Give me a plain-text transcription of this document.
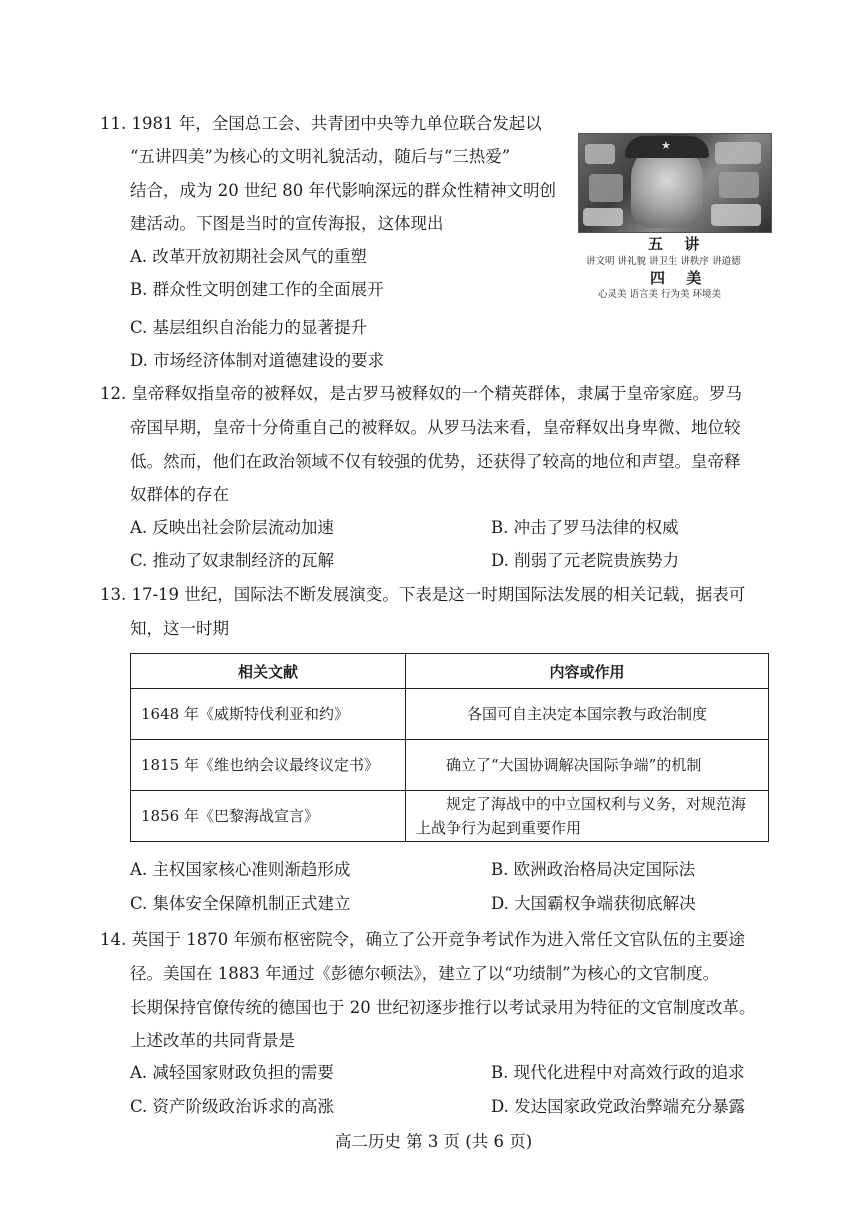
11. 1981 年，全国总工会、共青团中央等九单位联合发起以
“五讲四美”为核心的文明礼貌活动，随后与“三热爱”
结合，成为 20 世纪 80 年代影响深远的群众性精神文明创
建活动。下图是当时的宣传海报，这体现出
A. 改革开放初期社会风气的重塑
B. 群众性文明创建工作的全面展开
C. 基层组织自治能力的显著提升
D. 市场经济体制对道德建设的要求
★
五 讲
讲文明 讲礼貌 讲卫生 讲秩序 讲道德
四 美
心灵美 语言美 行为美 环境美
12. 皇帝释奴指皇帝的被释奴，是古罗马被释奴的一个精英群体，隶属于皇帝家庭。罗马
帝国早期，皇帝十分倚重自己的被释奴。从罗马法来看，皇帝释奴出身卑微、地位较
低。然而，他们在政治领域不仅有较强的优势，还获得了较高的地位和声望。皇帝释
奴群体的存在
A. 反映出社会阶层流动加速	B. 冲击了罗马法律的权威
C. 推动了奴隶制经济的瓦解	D. 削弱了元老院贵族势力
13. 17-19 世纪，国际法不断发展演变。下表是这一时期国际法发展的相关记载，据表可
知，这一时期
相关文献	内容或作用
1648 年《威斯特伐利亚和约》	各国可自主决定本国宗教与政治制度
1815 年《维也纳会议最终议定书》	确立了“大国协调解决国际争端”的机制
1856 年《巴黎海战宣言》	规定了海战中的中立国权利与义务，对规范海上战争行为起到重要作用
A. 主权国家核心准则渐趋形成	B. 欧洲政治格局决定国际法
C. 集体安全保障机制正式建立	D. 大国霸权争端获彻底解决
14. 英国于 1870 年颁布枢密院令，确立了公开竞争考试作为进入常任文官队伍的主要途
径。美国在 1883 年通过《彭德尔顿法》，建立了以“功绩制”为核心的文官制度。
长期保持官僚传统的德国也于 20 世纪初逐步推行以考试录用为特征的文官制度改革。
上述改革的共同背景是
A. 减轻国家财政负担的需要	B. 现代化进程中对高效行政的追求
C. 资产阶级政治诉求的高涨	D. 发达国家政党政治弊端充分暴露
高二历史 第 3 页 (共 6 页)
